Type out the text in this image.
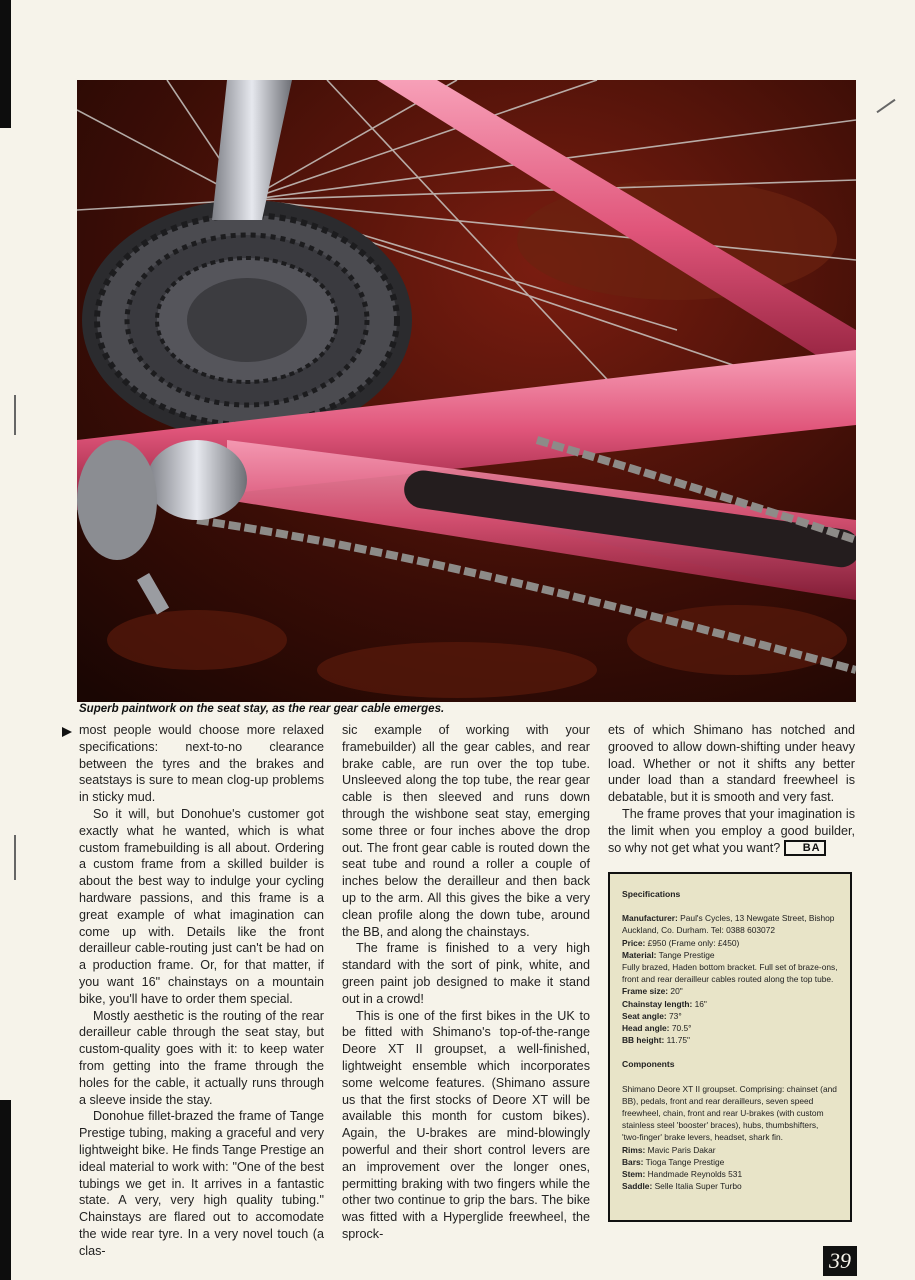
Superb paintwork on the seat stay, as the rear gear cable emerges.

most people would choose more relaxed specifications: next-to-no clearance between the tyres and the brakes and seatstays is sure to mean clog-up problems in sticky mud.

So it will, but Donohue's customer got exactly what he wanted, which is what custom framebuilding is all about. Ordering a custom frame from a skilled builder is about the best way to indulge your cycling hardware passions, and this frame is a great example of what imagination can come up with. Details like the front derailleur cable-routing just can't be had on a production frame. Or, for that matter, if you want 16" chainstays on a mountain bike, you'll have to order them special.

Mostly aesthetic is the routing of the rear derailleur cable through the seat stay, but custom-quality goes with it: to keep water from getting into the frame through the holes for the cable, it actually runs through a sleeve inside the stay.

Donohue fillet-brazed the frame of Tange Prestige tubing, making a graceful and very lightweight bike. He finds Tange Prestige an ideal material to work with: "One of the best tubings we get in. It arrives in a fantastic state. A very, very high quality tubing." Chainstays are flared out to accomodate the wide rear tyre. In a very novel touch (a clas-

sic example of working with your framebuilder) all the gear cables, and rear brake cable, are run over the top tube. Unsleeved along the top tube, the rear gear cable is then sleeved and runs down through the wishbone seat stay, emerging some three or four inches above the drop out. The front gear cable is routed down the seat tube and round a roller a couple of inches below the derailleur and then back up to the arm. All this gives the bike a very clean profile along the down tube, around the BB, and along the chainstays.

The frame is finished to a very high standard with the sort of pink, white, and green paint job designed to make it stand out in a crowd!

This is one of the first bikes in the UK to be fitted with Shimano's top-of-the-range Deore XT II groupset, a well-finished, lightweight ensemble which incorporates some welcome features. (Shimano assure us that the first stocks of Deore XT will be available this month for custom bikes). Again, the U-brakes are mind-blowingly powerful and their short control levers are an improvement over the longer ones, permitting braking with two fingers while the other two continue to grip the bars. The bike was fitted with a Hyperglide freewheel, the sprock-

ets of which Shimano has notched and grooved to allow down-shifting under heavy load. Whether or not it shifts any better under load than a standard freewheel is debatable, but it is smooth and very fast.

The frame proves that your imagination is the limit when you employ a good builder, so why not get what you want? BA

Specifications

Manufacturer: Paul's Cycles, 13 Newgate Street, Bishop Auckland, Co. Durham. Tel: 0388 603072

Price: £950 (Frame only: £450)

Material: Tange Prestige

Fully brazed, Haden bottom bracket. Full set of braze-ons, front and rear derailleur cables routed along the top tube.

Frame size: 20"

Chainstay length: 16"

Seat angle: 73°

Head angle: 70.5°

BB height: 11.75"

Components

Shimano Deore XT II groupset. Comprising: chainset (and BB), pedals, front and rear derailleurs, seven speed freewheel, chain, front and rear U-brakes (with custom stainless steel 'booster' braces), hubs, thumbshifters, 'two-finger' brake levers, headset, shark fin.

Rims: Mavic Paris Dakar

Bars: Tioga Tange Prestige

Stem: Handmade Reynolds 531

Saddle: Selle Italia Super Turbo

39
